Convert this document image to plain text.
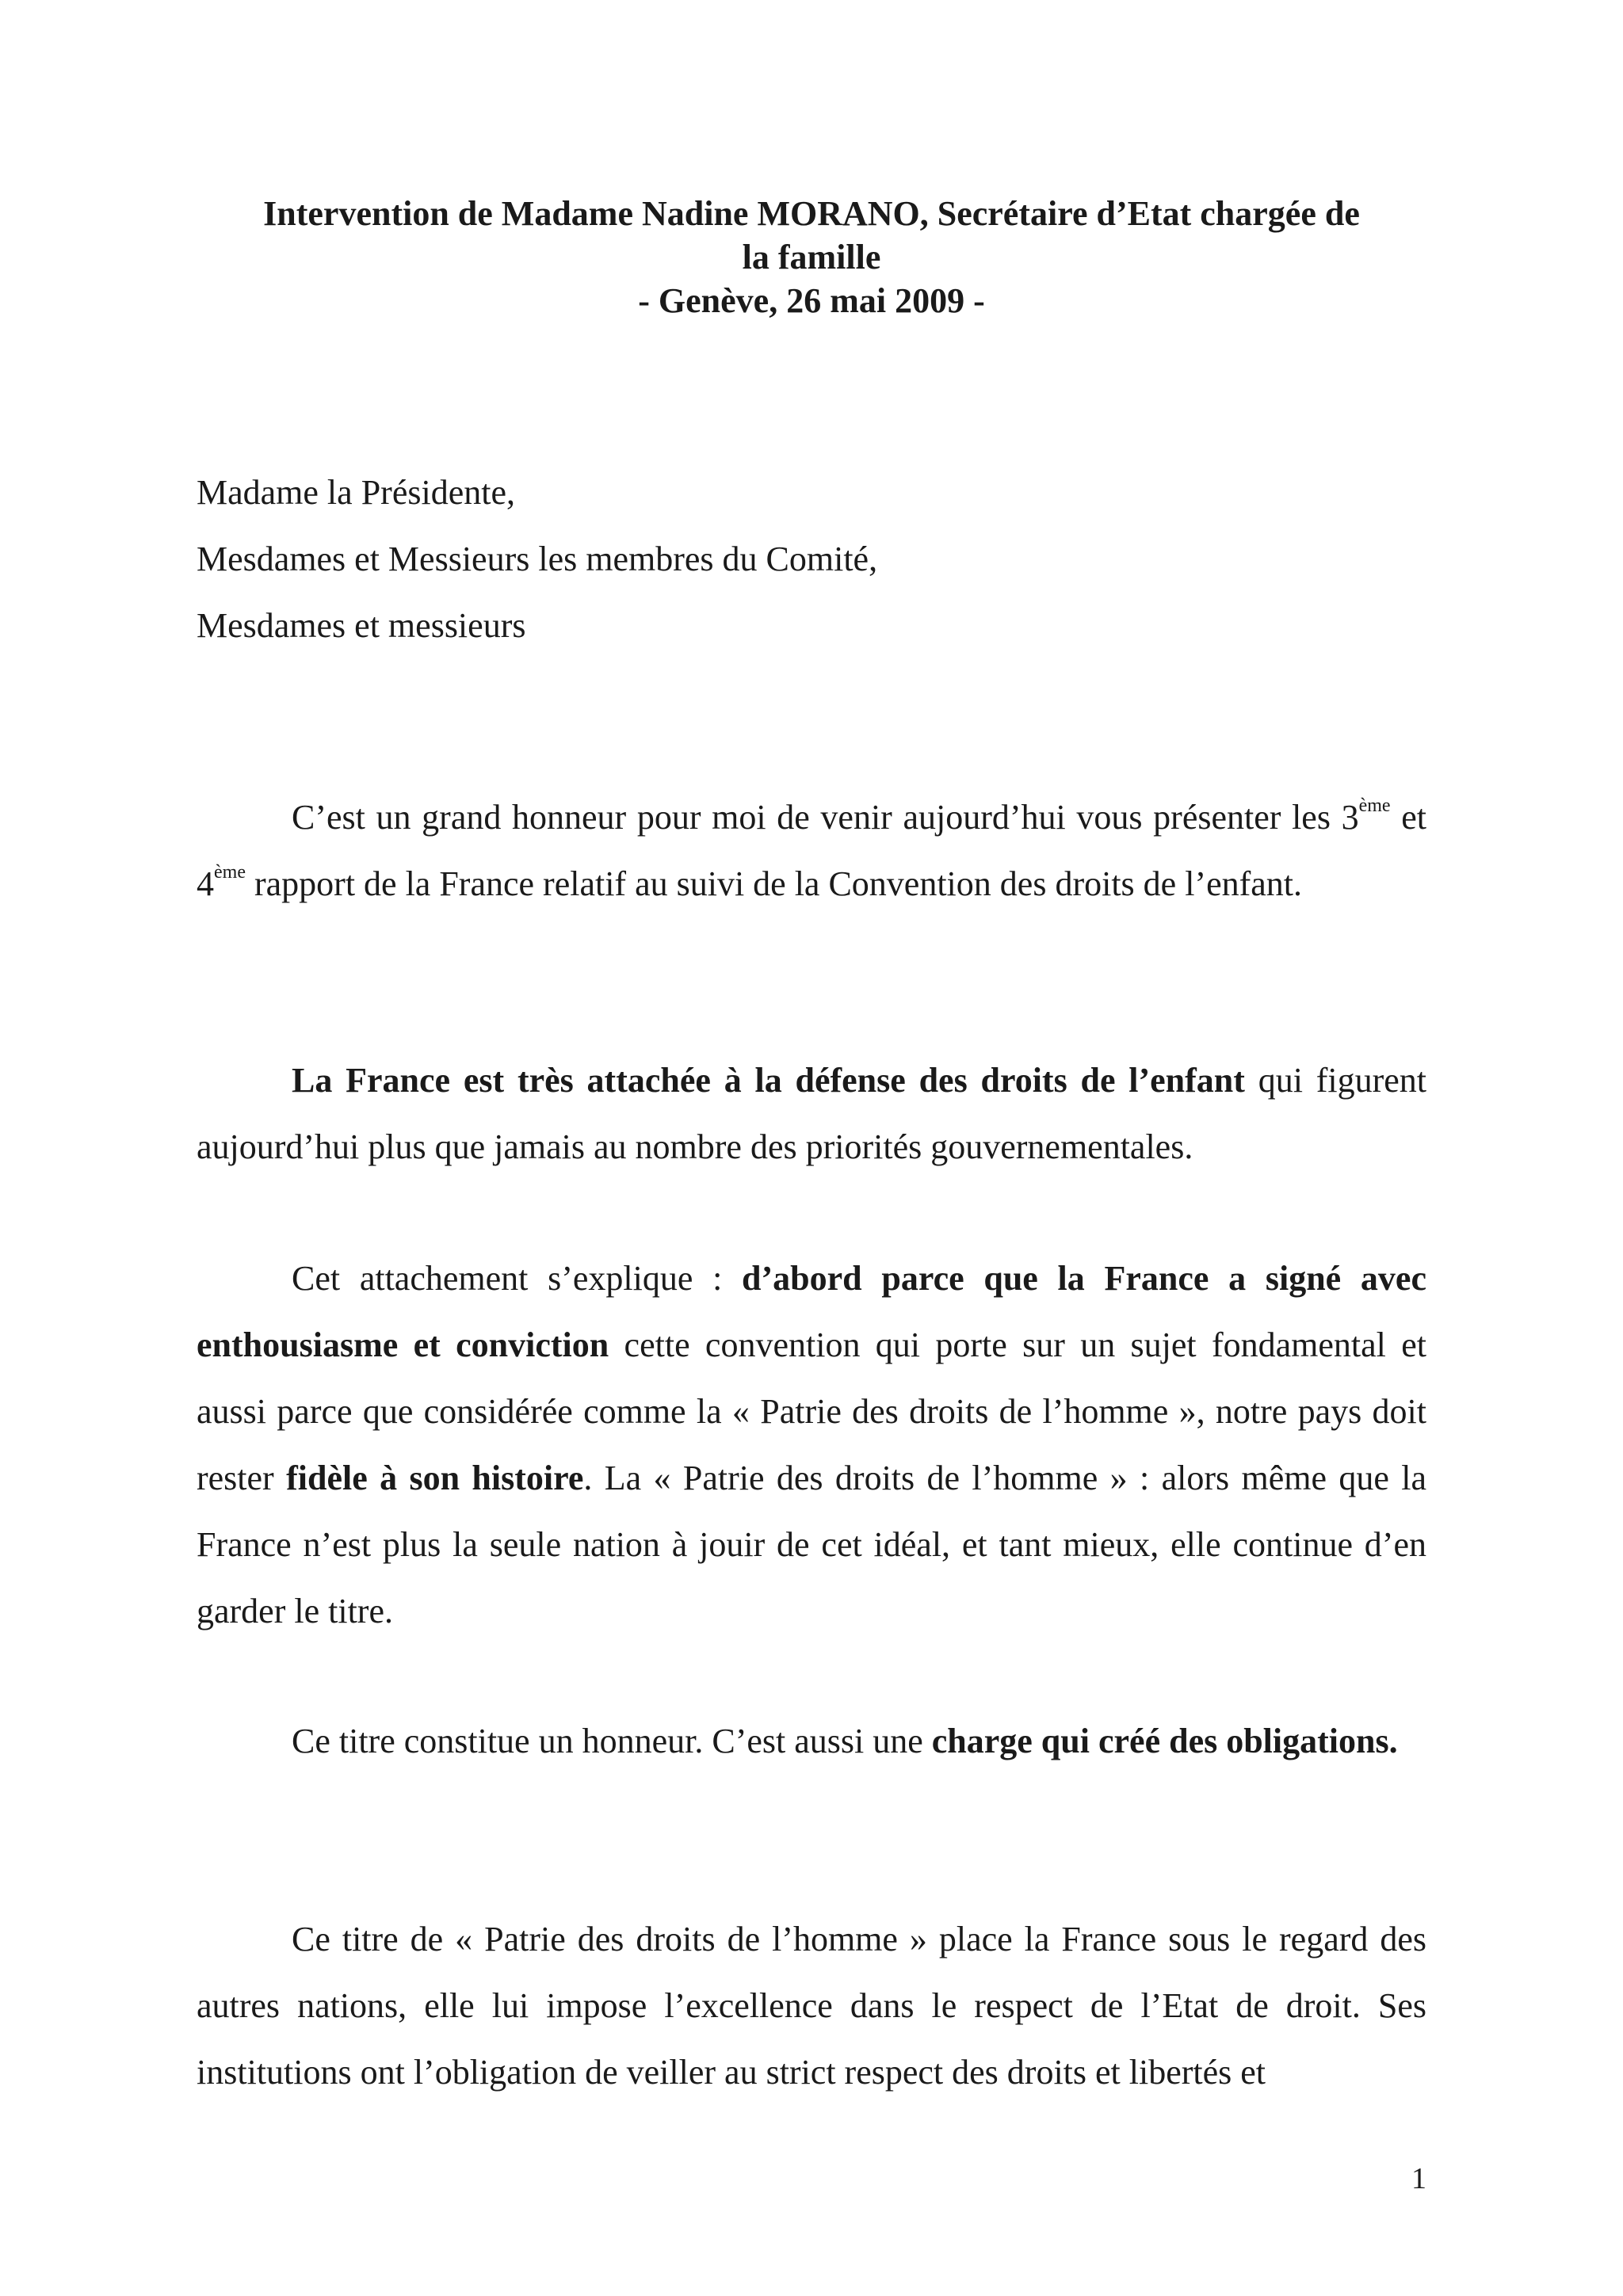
Intervention de Madame Nadine MORANO, Secrétaire d’Etat chargée de
la famille
- Genève, 26 mai 2009 -
Madame la Présidente,
Mesdames et Messieurs les membres du Comité,
Mesdames et messieurs

C’est un grand honneur pour moi de venir aujourd’hui vous présenter les 3ème et 4ème rapport de la France relatif au suivi de la Convention des droits de l’enfant.

La France est très attachée à la défense des droits de l’enfant qui figurent aujourd’hui plus que jamais au nombre des priorités gouvernementales.

Cet attachement s’explique : d’abord parce que la France a signé avec enthousiasme et conviction cette convention qui porte sur un sujet fondamental et aussi parce que considérée comme la « Patrie des droits de l’homme », notre pays doit rester fidèle à son histoire. La « Patrie des droits de l’homme » : alors même que la France n’est plus la seule nation à jouir de cet idéal, et tant mieux, elle continue d’en garder le titre.

Ce titre constitue un honneur. C’est aussi une charge qui créé des obligations.

Ce titre de « Patrie des droits de l’homme » place la France sous le regard des autres nations, elle lui impose l’excellence dans le respect de l’Etat de droit. Ses institutions ont l’obligation de veiller au strict respect des droits et libertés et

1
